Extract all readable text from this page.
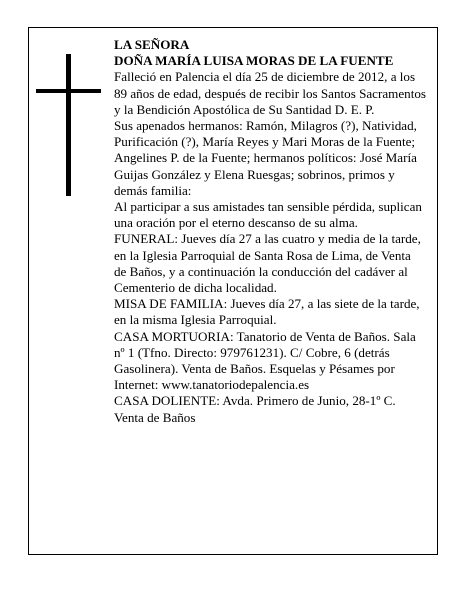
LA SEÑORA

DOÑA MARÍA LUISA MORAS DE LA FUENTE

Falleció en Palencia el día 25 de diciembre de 2012, a los 89 años de edad, después de recibir los Santos Sacramentos y la Bendición Apostólica de Su Santidad D. E. P.

Sus apenados hermanos: Ramón, Milagros (?), Natividad, Purificación (?), María Reyes y Mari Moras de la Fuente; Angelines P. de la Fuente; hermanos políticos: José María Guijas González y Elena Ruesgas; sobrinos, primos y demás familia:

Al participar a sus amistades tan sensible pérdida, suplican una oración por el eterno descanso de su alma.

FUNERAL: Jueves día 27 a las cuatro y media de la tarde, en la Iglesia Parroquial de Santa Rosa de Lima, de Venta de Baños, y a continuación la conducción del cadáver al Cementerio de dicha localidad.

MISA DE FAMILIA: Jueves día 27, a las siete de la tarde, en la misma Iglesia Parroquial.

CASA MORTUORIA: Tanatorio de Venta de Baños. Sala nº 1 (Tfno. Directo: 979761231). C/ Cobre, 6 (detrás Gasolinera). Venta de Baños. Esquelas y Pésames por Internet: www.tanatoriodepalencia.es

CASA DOLIENTE: Avda. Primero de Junio, 28-1º C. Venta de Baños
